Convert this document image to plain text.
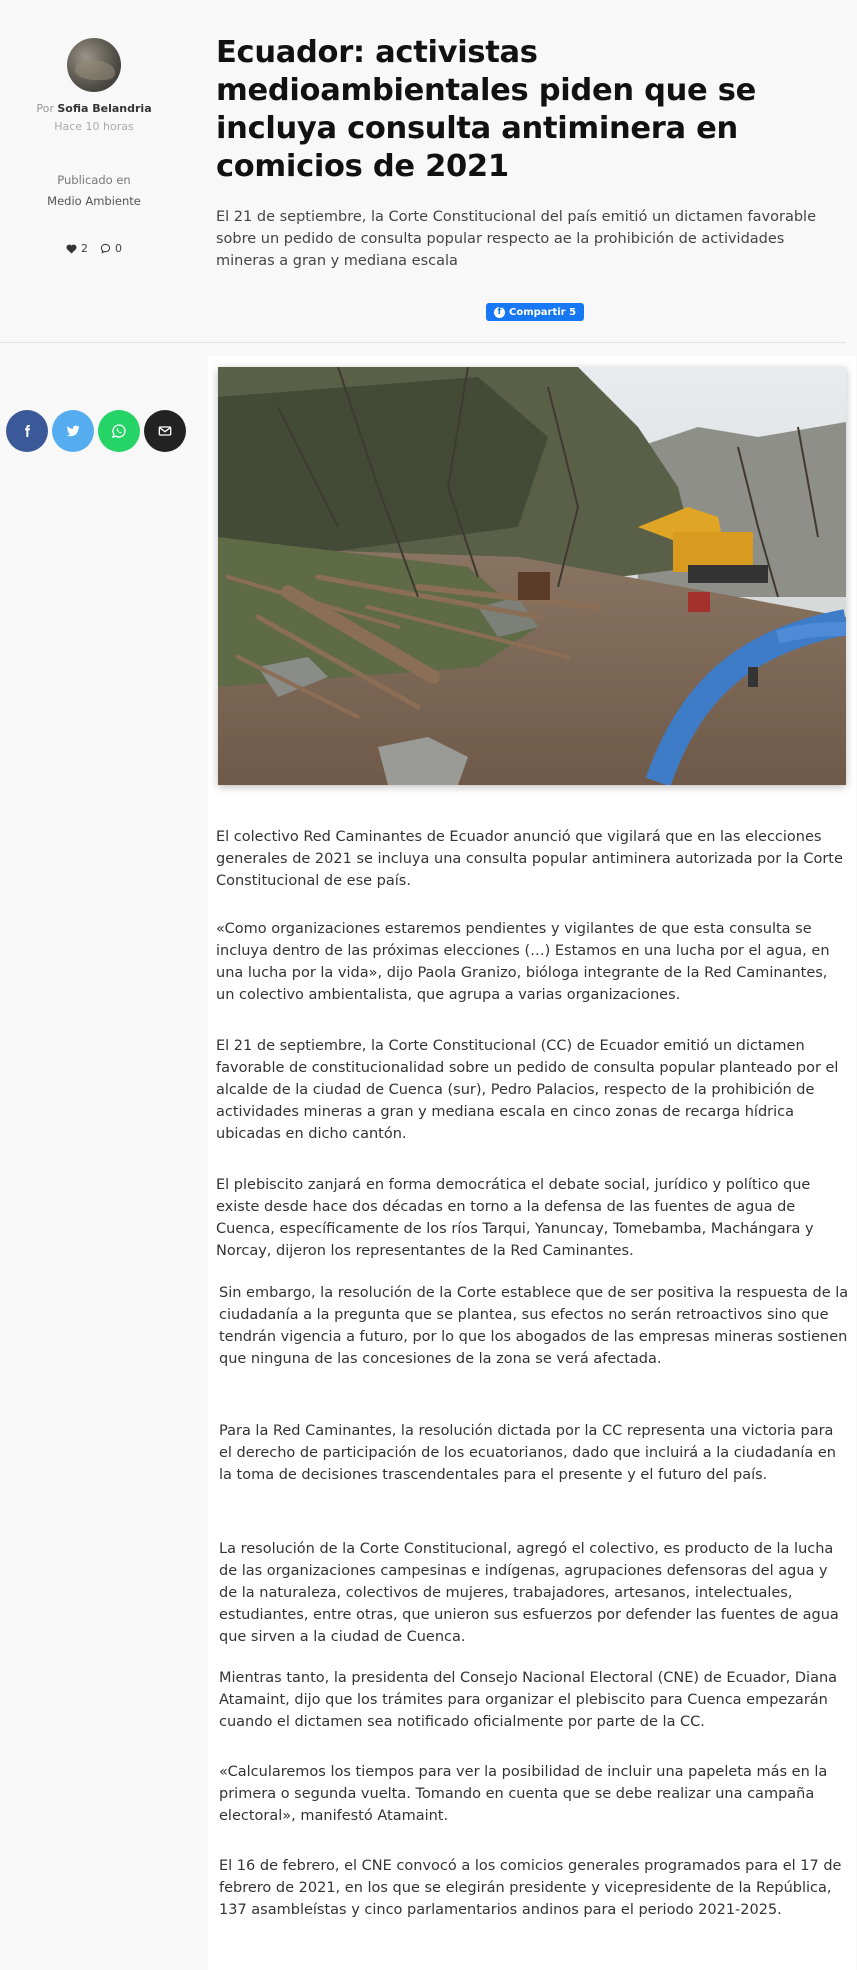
Por Sofia Belandria
Hace 10 horas
Publicado en
Medio Ambiente
2 0
Ecuador: activistas medioambientales piden que se incluya consulta antiminera en comicios de 2021

El 21 de septiembre, la Corte Constitucional del país emitió un dictamen favorable sobre un pedido de consulta popular respecto ae la prohibición de actividades mineras a gran y mediana escala

f Compartir 5

El colectivo Red Caminantes de Ecuador anunció que vigilará que en las elecciones generales de 2021 se incluya una consulta popular antiminera autorizada por la Corte Constitucional de ese país.

«Como organizaciones estaremos pendientes y vigilantes de que esta consulta se incluya dentro de las próximas elecciones (…) Estamos en una lucha por el agua, en una lucha por la vida», dijo Paola Granizo, bióloga integrante de la Red Caminantes, un colectivo ambientalista, que agrupa a varias organizaciones.

El 21 de septiembre, la Corte Constitucional (CC) de Ecuador emitió un dictamen favorable de constitucionalidad sobre un pedido de consulta popular planteado por el alcalde de la ciudad de Cuenca (sur), Pedro Palacios, respecto de la prohibición de actividades mineras a gran y mediana escala en cinco zonas de recarga hídrica ubicadas en dicho cantón.

El plebiscito zanjará en forma democrática el debate social, jurídico y político que existe desde hace dos décadas en torno a la defensa de las fuentes de agua de Cuenca, específicamente de los ríos Tarqui, Yanuncay, Tomebamba, Machángara y Norcay, dijeron los representantes de la Red Caminantes.

Sin embargo, la resolución de la Corte establece que de ser positiva la respuesta de la ciudadanía a la pregunta que se plantea, sus efectos no serán retroactivos sino que tendrán vigencia a futuro, por lo que los abogados de las empresas mineras sostienen que ninguna de las concesiones de la zona se verá afectada.

Para la Red Caminantes, la resolución dictada por la CC representa una victoria para el derecho de participación de los ecuatorianos, dado que incluirá a la ciudadanía en la toma de decisiones trascendentales para el presente y el futuro del país.

La resolución de la Corte Constitucional, agregó el colectivo, es producto de la lucha de las organizaciones campesinas e indígenas, agrupaciones defensoras del agua y de la naturaleza, colectivos de mujeres, trabajadores, artesanos, intelectuales, estudiantes, entre otras, que unieron sus esfuerzos por defender las fuentes de agua que sirven a la ciudad de Cuenca.

Mientras tanto, la presidenta del Consejo Nacional Electoral (CNE) de Ecuador, Diana Atamaint, dijo que los trámites para organizar el plebiscito para Cuenca empezarán cuando el dictamen sea notificado oficialmente por parte de la CC.

«Calcularemos los tiempos para ver la posibilidad de incluir una papeleta más en la primera o segunda vuelta. Tomando en cuenta que se debe realizar una campaña electoral», manifestó Atamaint.

El 16 de febrero, el CNE convocó a los comicios generales programados para el 17 de febrero de 2021, en los que se elegirán presidente y vicepresidente de la República, 137 asambleístas y cinco parlamentarios andinos para el periodo 2021-2025.
